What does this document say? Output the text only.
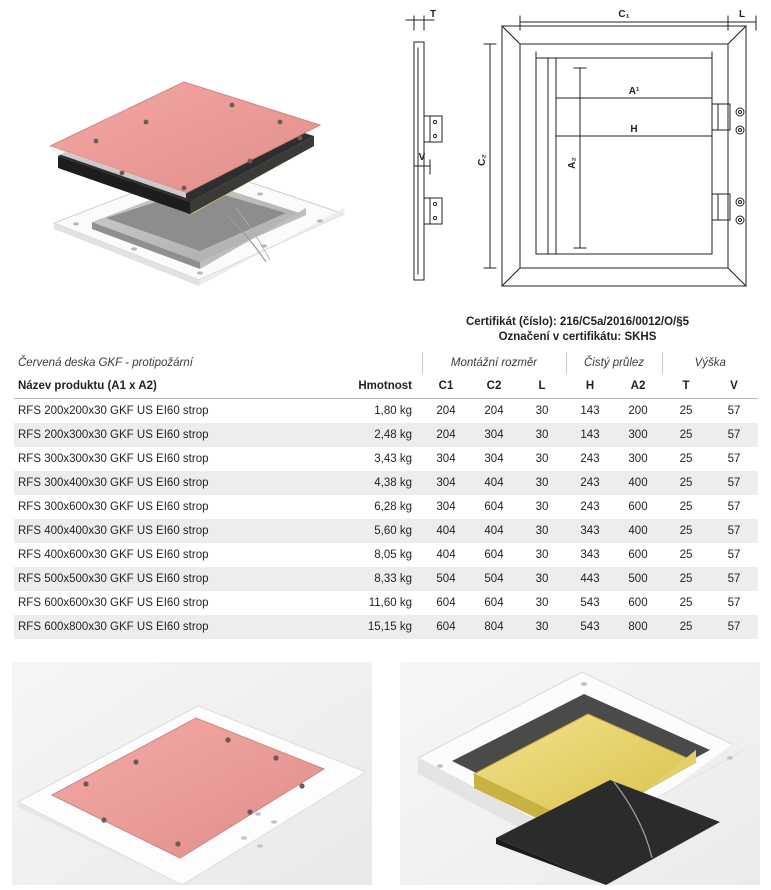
T
V
L
C₁
C₂
A¹
H
A₂
Certifikát (číslo): 216/C5a/2016/0012/O/§5
Označení v certifikátu: SKHS
Červená deska GKF - protipožární		Montážní rozměr			Čistý průlez		Výška	
Název produktu (A1 x A2)	Hmotnost	C1	C2	L	H	A2	T	V
RFS 200x200x30 GKF US EI60 strop	1,80 kg	204	204	30	143	200	25	57
RFS 200x300x30 GKF US EI60 strop	2,48 kg	204	304	30	143	300	25	57
RFS 300x300x30 GKF US EI60 strop	3,43 kg	304	304	30	243	300	25	57
RFS 300x400x30 GKF US EI60 strop	4,38 kg	304	404	30	243	400	25	57
RFS 300x600x30 GKF US EI60 strop	6,28 kg	304	604	30	243	600	25	57
RFS 400x400x30 GKF US EI60 strop	5,60 kg	404	404	30	343	400	25	57
RFS 400x600x30 GKF US EI60 strop	8,05 kg	404	604	30	343	600	25	57
RFS 500x500x30 GKF US EI60 strop	8,33 kg	504	504	30	443	500	25	57
RFS 600x600x30 GKF US EI60 strop	11,60 kg	604	604	30	543	600	25	57
RFS 600x800x30 GKF US EI60 strop	15,15 kg	604	804	30	543	800	25	57
